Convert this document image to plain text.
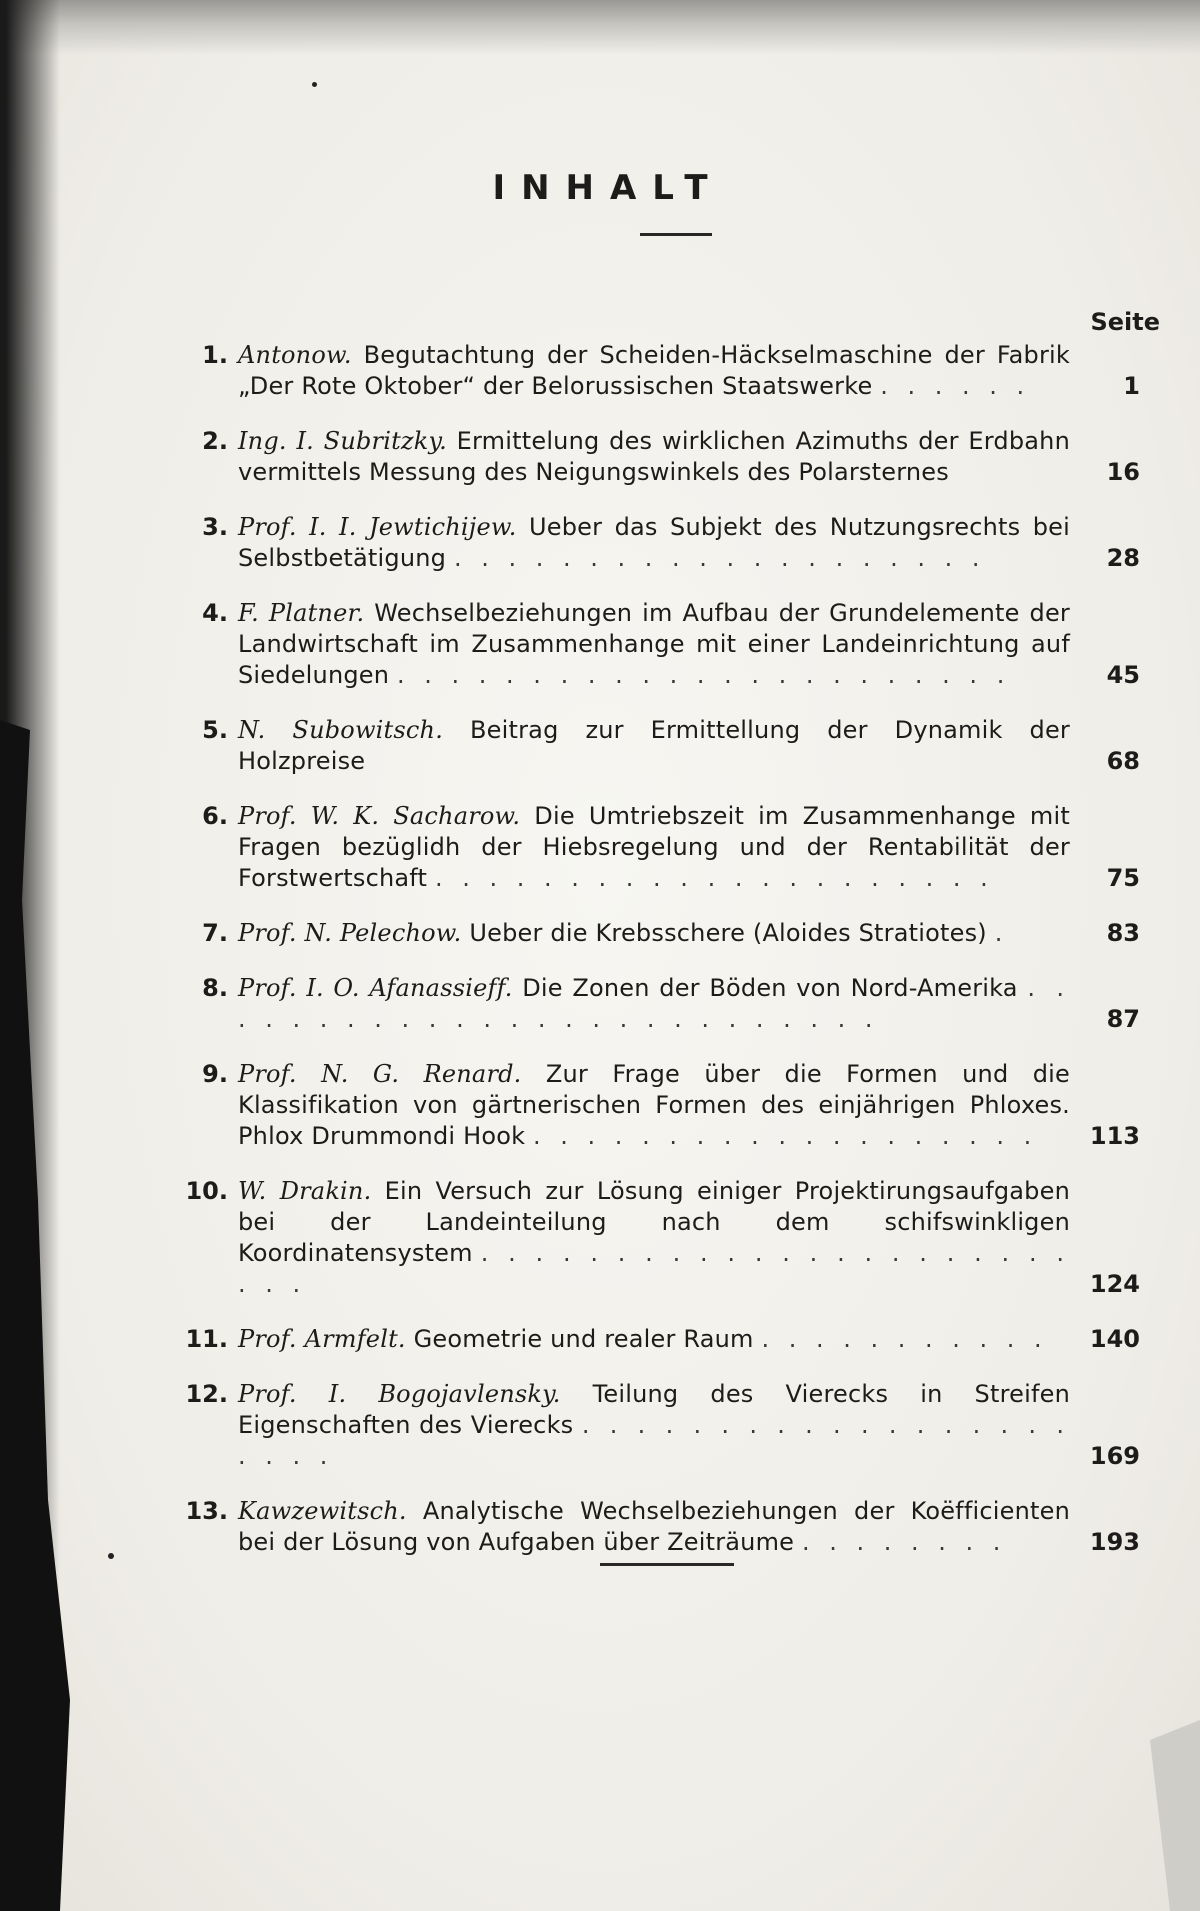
INHALT
Seite
1. Antonow. Begutachtung der Scheiden-Häckselmaschine der Fabrik „Der Rote Oktober“ der Belorussischen Staatswerke . . . . . .	1
2. Ing. I. Subritzky. Ermittelung des wirklichen Azimuths der Erdbahn vermittels Messung des Neigungswinkels des Polarsternes	16
3. Prof. I. I. Jewtichijew. Ueber das Subjekt des Nutzungsrechts bei Selbstbetätigung . . . . . . . . . . . . . . . . . . . .	28
4. F. Platner. Wechselbeziehungen im Aufbau der Grundelemente der Landwirtschaft im Zusammenhange mit einer Landeinrichtung auf Siedelungen . . . . . . . . . . . . . . . . . . . . . . .	45
5. N. Subowitsch. Beitrag zur Ermittellung der Dynamik der Holzpreise	68
6. Prof. W. K. Sacharow. Die Umtriebszeit im Zusammenhange mit Fragen bezüglidh der Hiebsregelung und der Rentabilität der Forstwertschaft . . . . . . . . . . . . . . . . . . . . .	75
7. Prof. N. Pelechow. Ueber die Krebsschere (Aloides Stratiotes) .	83
8. Prof. I. O. Afanassieff. Die Zonen der Böden von Nord-Amerika . . . . . . . . . . . . . . . . . . . . . . . . . .	87
9. Prof. N. G. Renard. Zur Frage über die Formen und die Klassifikation von gärtnerischen Formen des einjährigen Phloxes. Phlox Drummondi Hook . . . . . . . . . . . . . . . . . . .	113
10. W. Drakin. Ein Versuch zur Lösung einiger Projektirungsaufgaben bei der Landeinteilung nach dem schifswinkligen Koordinatensystem . . . . . . . . . . . . . . . . . . . . . . . . .	124
11. Prof. Armfelt. Geometrie und realer Raum . . . . . . . . . . .	140
12. Prof. I. Bogojavlensky. Teilung des Vierecks in Streifen Eigenschaften des Vierecks . . . . . . . . . . . . . . . . . . . . . .	169
13. Kawzewitsch. Analytische Wechselbeziehungen der Koëfficienten bei der Lösung von Aufgaben über Zeiträume . . . . . . . .	193
